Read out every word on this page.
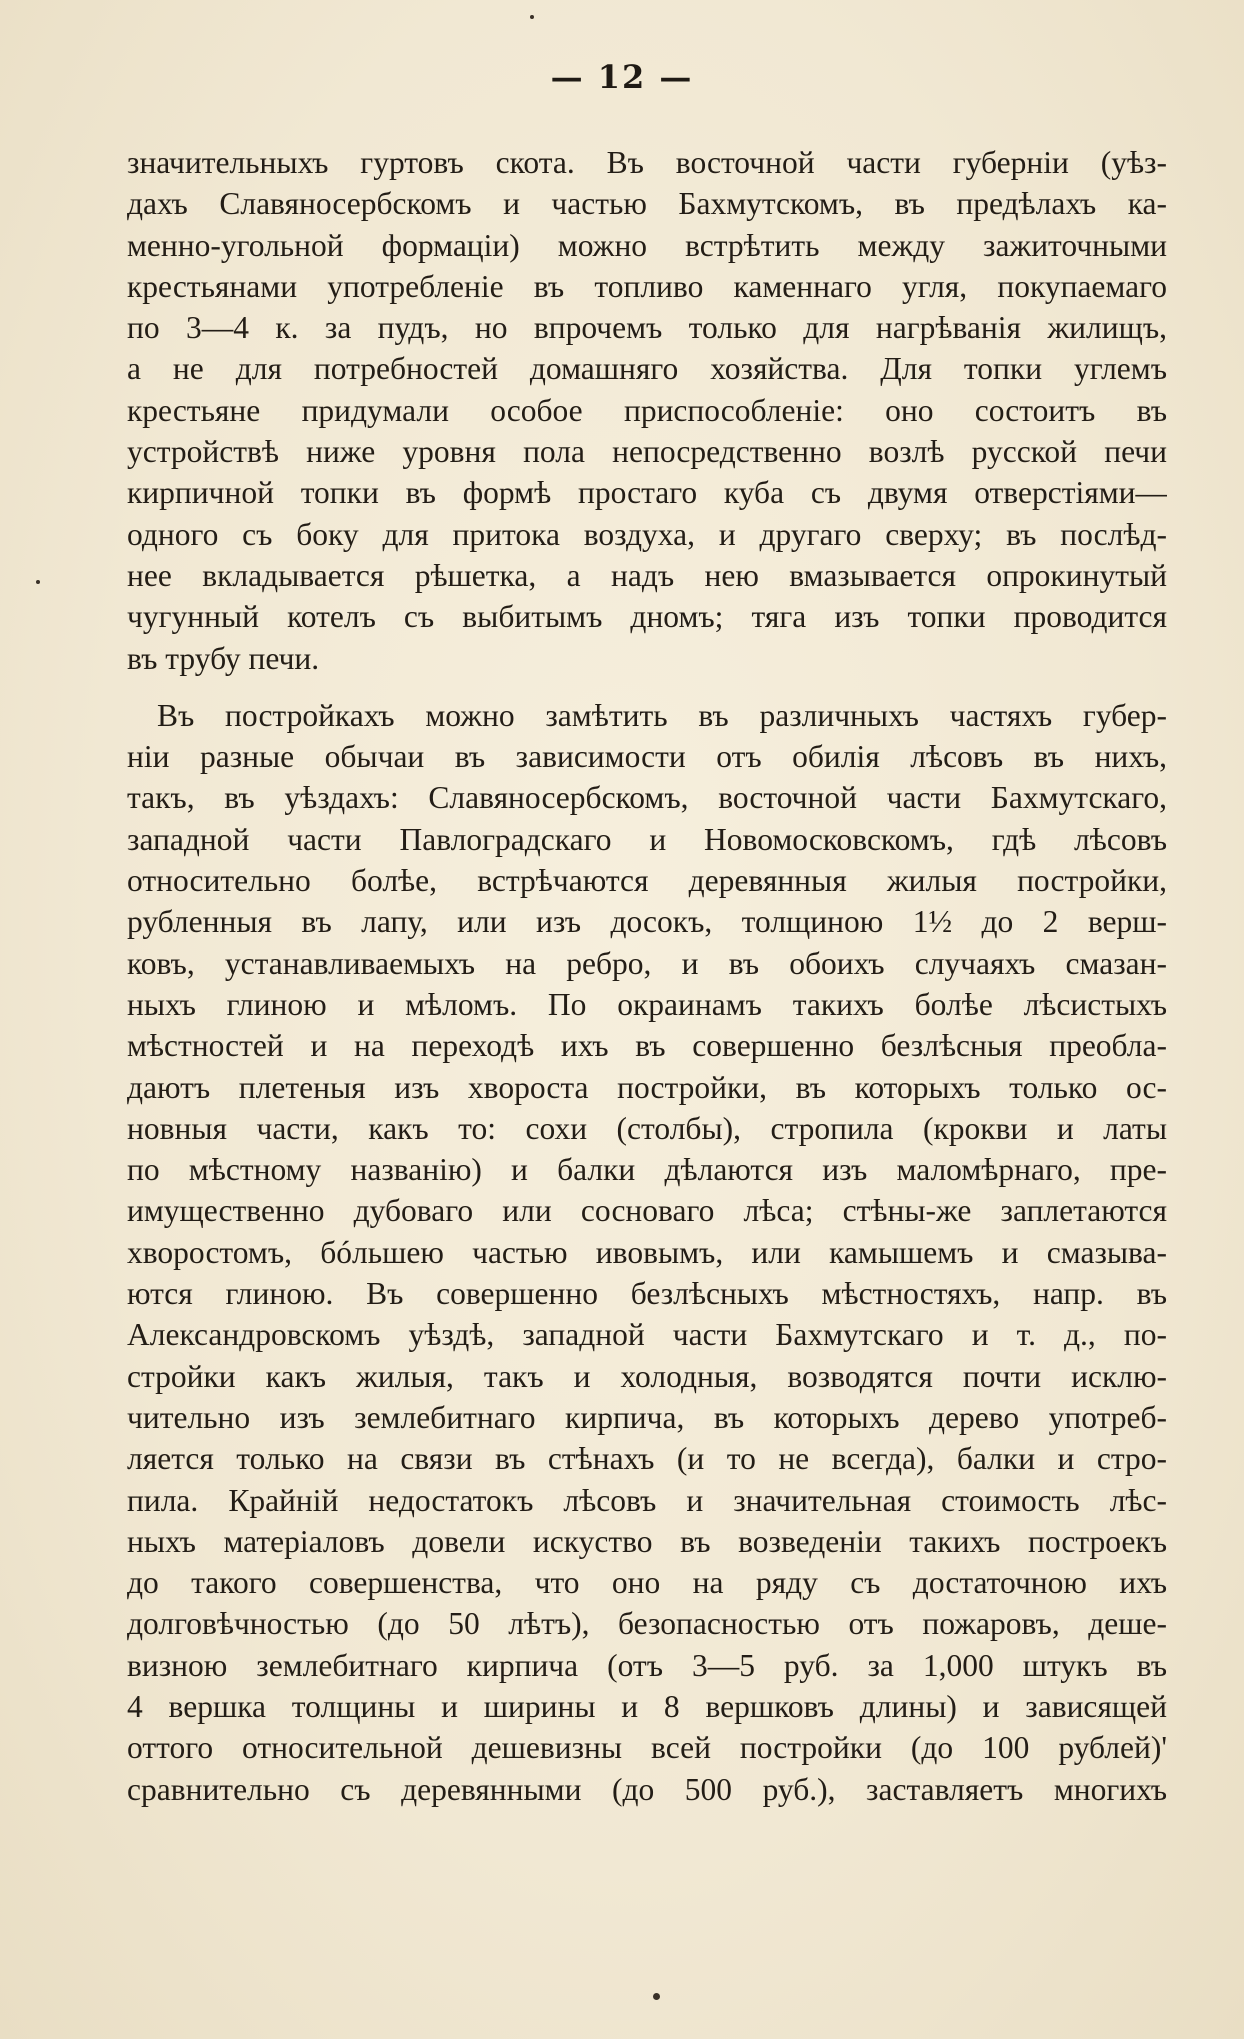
— 12 —
значительныхъ гуртовъ скота. Въ восточной части губерніи (уѣз-
дахъ Славяносербскомъ и частью Бахмутскомъ, въ предѣлахъ ка-
менно-угольной формаціи) можно встрѣтить между зажиточными
крестьянами употребленіе въ топливо каменнаго угля, покупаемаго
по 3—4 к. за пудъ, но впрочемъ только для нагрѣванія жилищъ,
а не для потребностей домашняго хозяйства. Для топки углемъ
крестьяне придумали особое приспособленіе: оно состоитъ въ
устройствѣ ниже уровня пола непосредственно возлѣ русской печи
кирпичной топки въ формѣ простаго куба съ двумя отверстіями—
одного съ боку для притока воздуха, и другаго сверху; въ послѣд-
нее вкладывается рѣшетка, а надъ нею вмазывается опрокинутый
чугунный котелъ съ выбитымъ дномъ; тяга изъ топки проводится
въ трубу печи.
Въ постройкахъ можно замѣтить въ различныхъ частяхъ губер-
ніи разные обычаи въ зависимости отъ обилія лѣсовъ въ нихъ,
такъ, въ уѣздахъ: Славяносербскомъ, восточной части Бахмутскаго,
западной части Павлоградскаго и Новомосковскомъ, гдѣ лѣсовъ
относительно болѣе, встрѣчаются деревянныя жилыя постройки,
рубленныя въ лапу, или изъ досокъ, толщиною 1½ до 2 верш-
ковъ, устанавливаемыхъ на ребро, и въ обоихъ случаяхъ смазан-
ныхъ глиною и мѣломъ. По окраинамъ такихъ болѣе лѣсистыхъ
мѣстностей и на переходѣ ихъ въ совершенно безлѣсныя преобла-
даютъ плетеныя изъ хвороста постройки, въ которыхъ только ос-
новныя части, какъ то: сохи (столбы), стропила (крокви и латы
по мѣстному названію) и балки дѣлаются изъ маломѣрнаго, пре-
имущественно дубоваго или сосноваго лѣса; стѣны-же заплетаются
хворостомъ, бóльшею частью ивовымъ, или камышемъ и смазыва-
ются глиною. Въ совершенно безлѣсныхъ мѣстностяхъ, напр. въ
Александровскомъ уѣздѣ, западной части Бахмутскаго и т. д., по-
стройки какъ жилыя, такъ и холодныя, возводятся почти исклю-
чительно изъ землебитнаго кирпича, въ которыхъ дерево употреб-
ляется только на связи въ стѣнахъ (и то не всегда), балки и стро-
пила. Крайній недостатокъ лѣсовъ и значительная стоимость лѣс-
ныхъ матеріаловъ довели искуство въ возведеніи такихъ построекъ
до такого совершенства, что оно на ряду съ достаточною ихъ
долговѣчностью (до 50 лѣтъ), безопасностью отъ пожаровъ, деше-
визною землебитнаго кирпича (отъ 3—5 руб. за 1,000 штукъ въ
4 вершка толщины и ширины и 8 вершковъ длины) и зависящей
оттого относительной дешевизны всей постройки (до 100 рублей)'
сравнительно съ деревянными (до 500 руб.), заставляетъ многихъ
